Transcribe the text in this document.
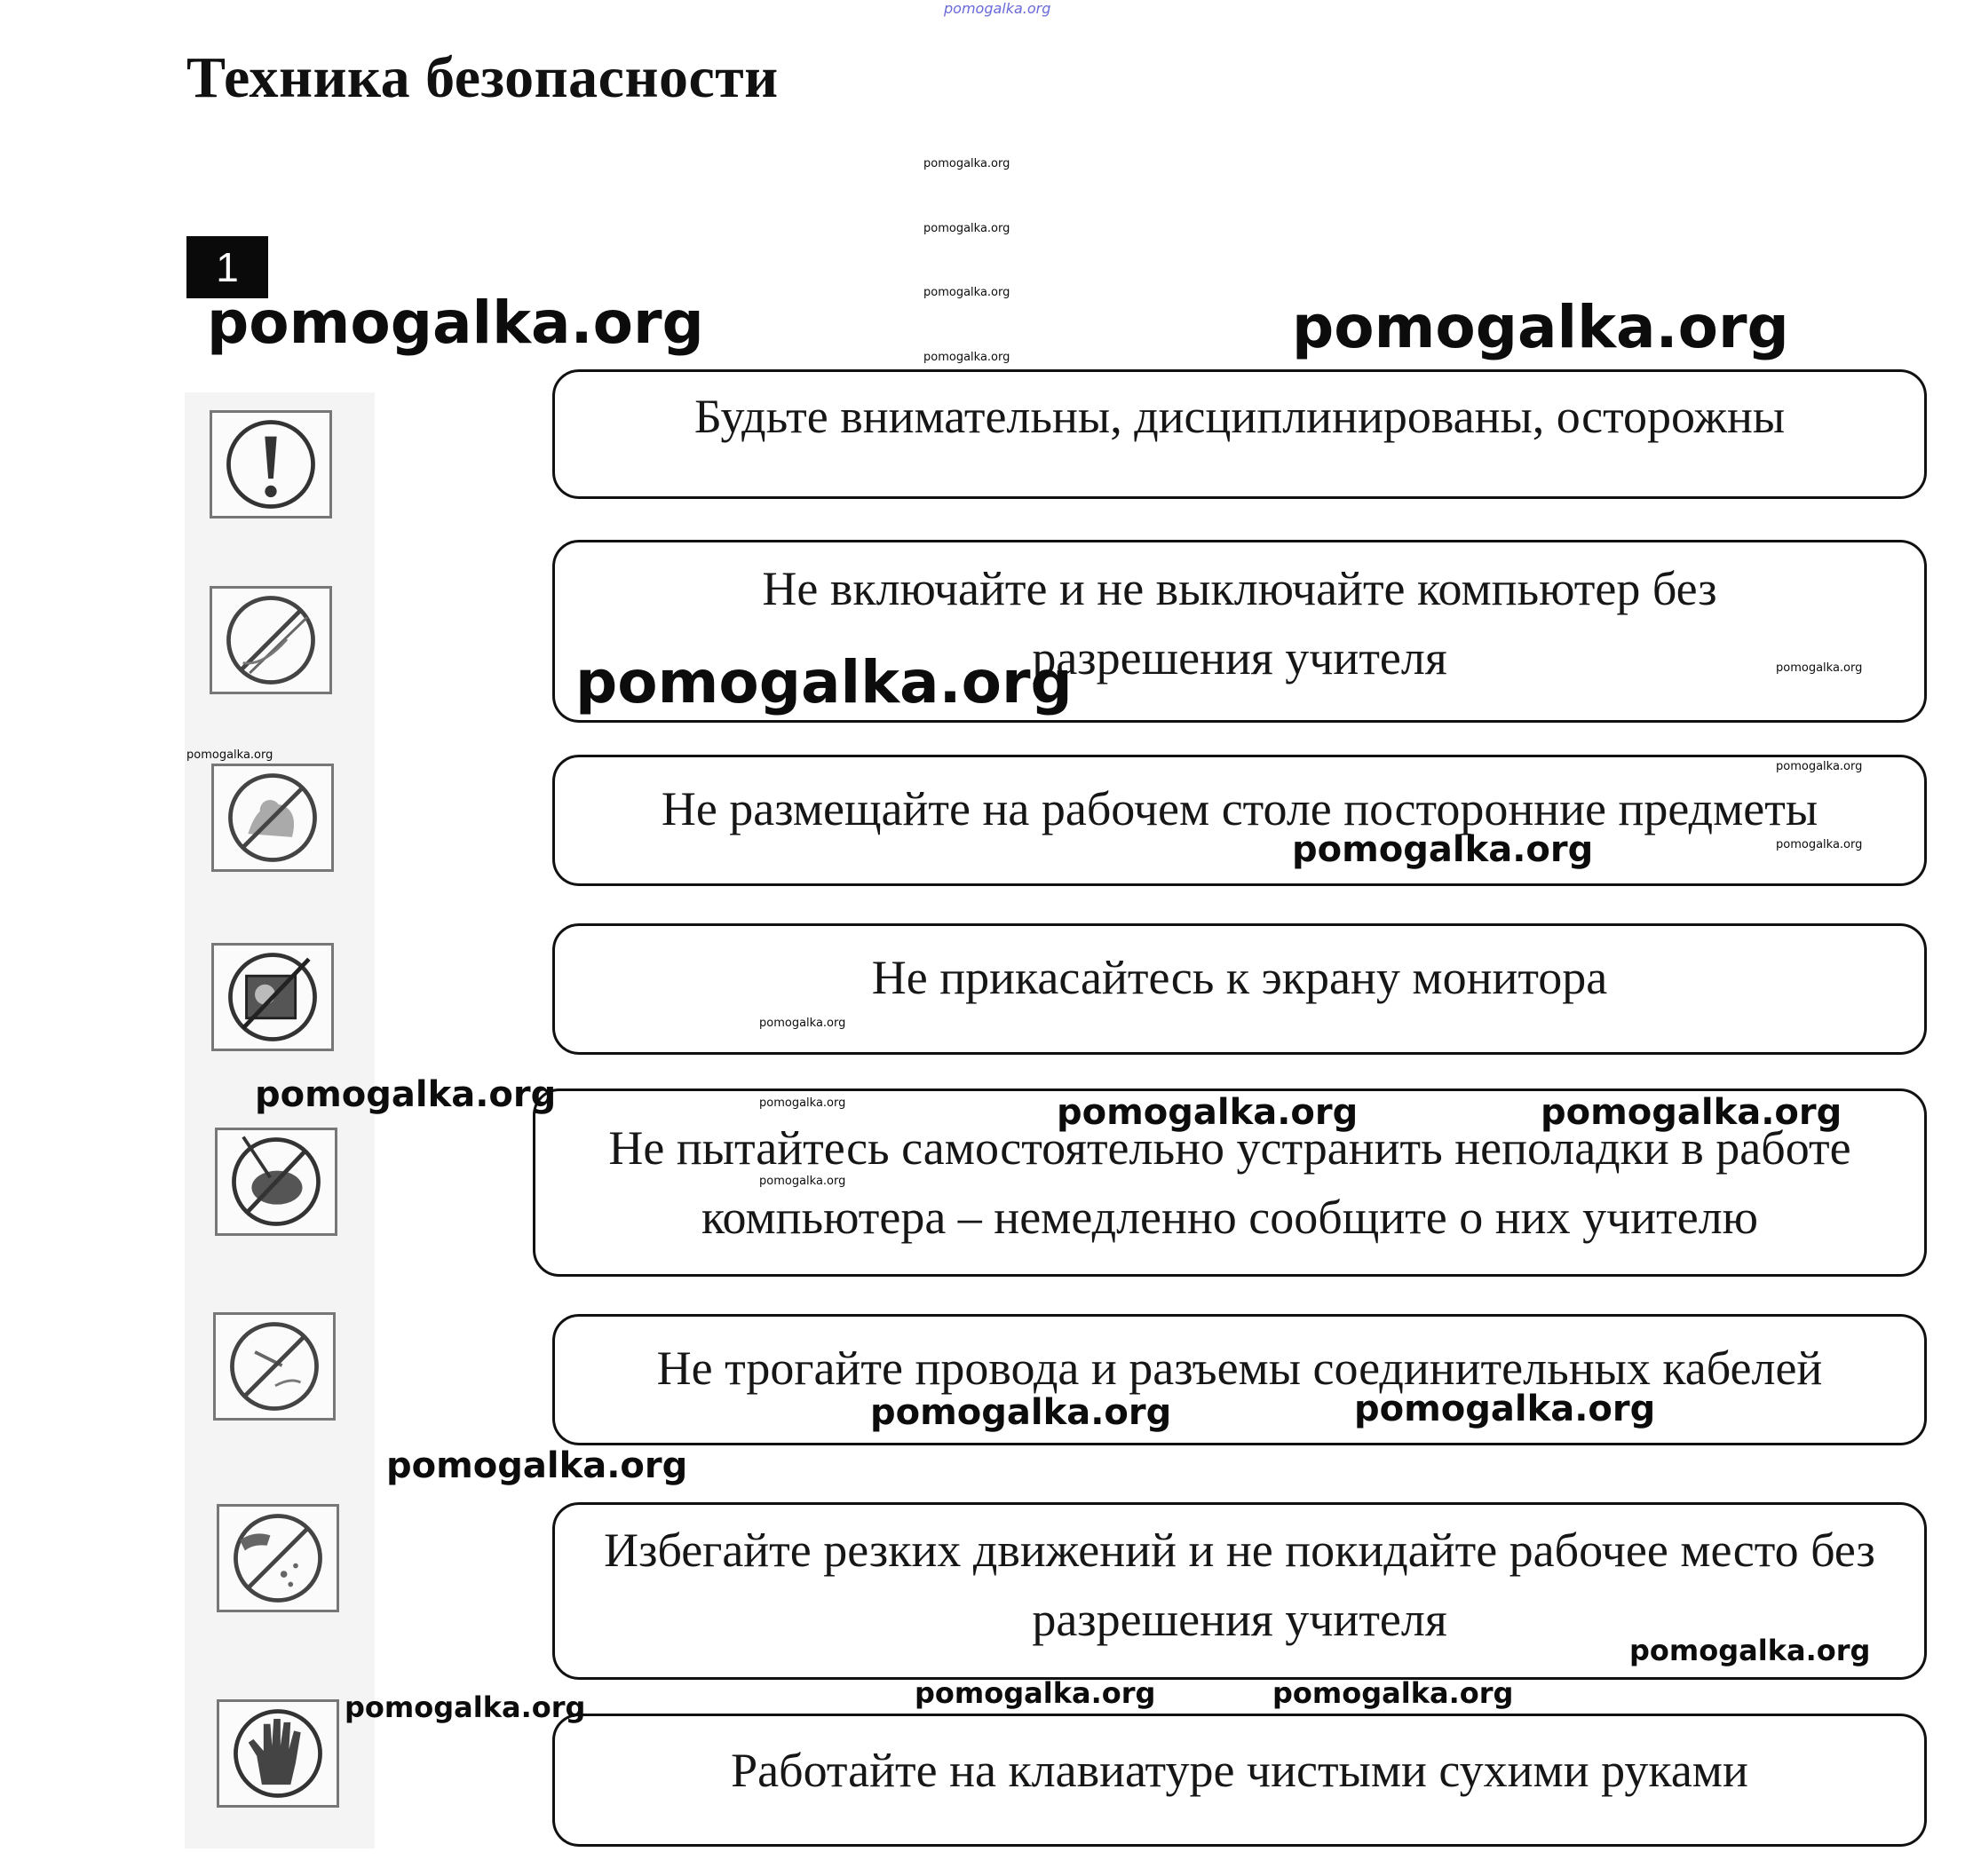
pomogalka.org
Техника безопасности
pomogalka.org
pomogalka.org
pomogalka.org
pomogalka.org
1
pomogalka.org	pomogalka.org
Будьте внимательны, дисциплинированы, осторожны
Не включайте и не выключайте компьютер без разрешения учителя
Не размещайте на рабочем столе посторонние предметы
Не прикасайтесь к экрану монитора
Не пытайтесь самостоятельно устранить неполадки в работе компьютера – немедленно сообщите о них учителю
Не трогайте провода и разъемы соединительных кабелей
Избегайте резких движений и не покидайте рабочее место без разрешения учителя
Работайте на клавиатуре чистыми сухими руками
pomogalka.org	pomogalka.org
pomogalka.org
pomogalka.org
pomogalka.org	pomogalka.org
pomogalka.org
pomogalka.org	pomogalka.org	pomogalka.org	pomogalka.org
pomogalka.org
pomogalka.org	pomogalka.org
pomogalka.org
pomogalka.org
pomogalka.org	pomogalka.org
pomogalka.org
